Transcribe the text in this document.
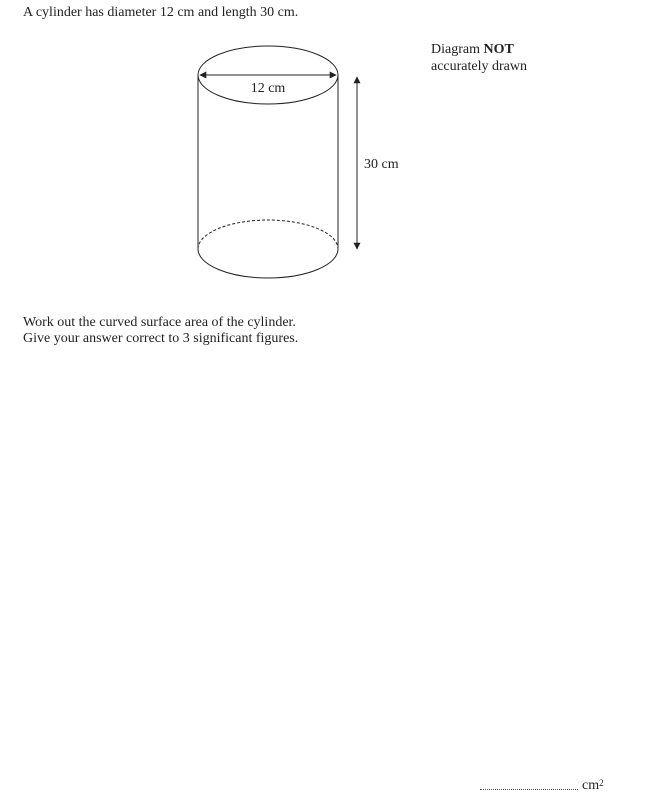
A cylinder has diameter 12 cm and length 30 cm.
Diagram NOT
accurately drawn
12 cm
30 cm
Work out the curved surface area of the cylinder.
Give your answer correct to 3 significant figures.
$cm^2$
